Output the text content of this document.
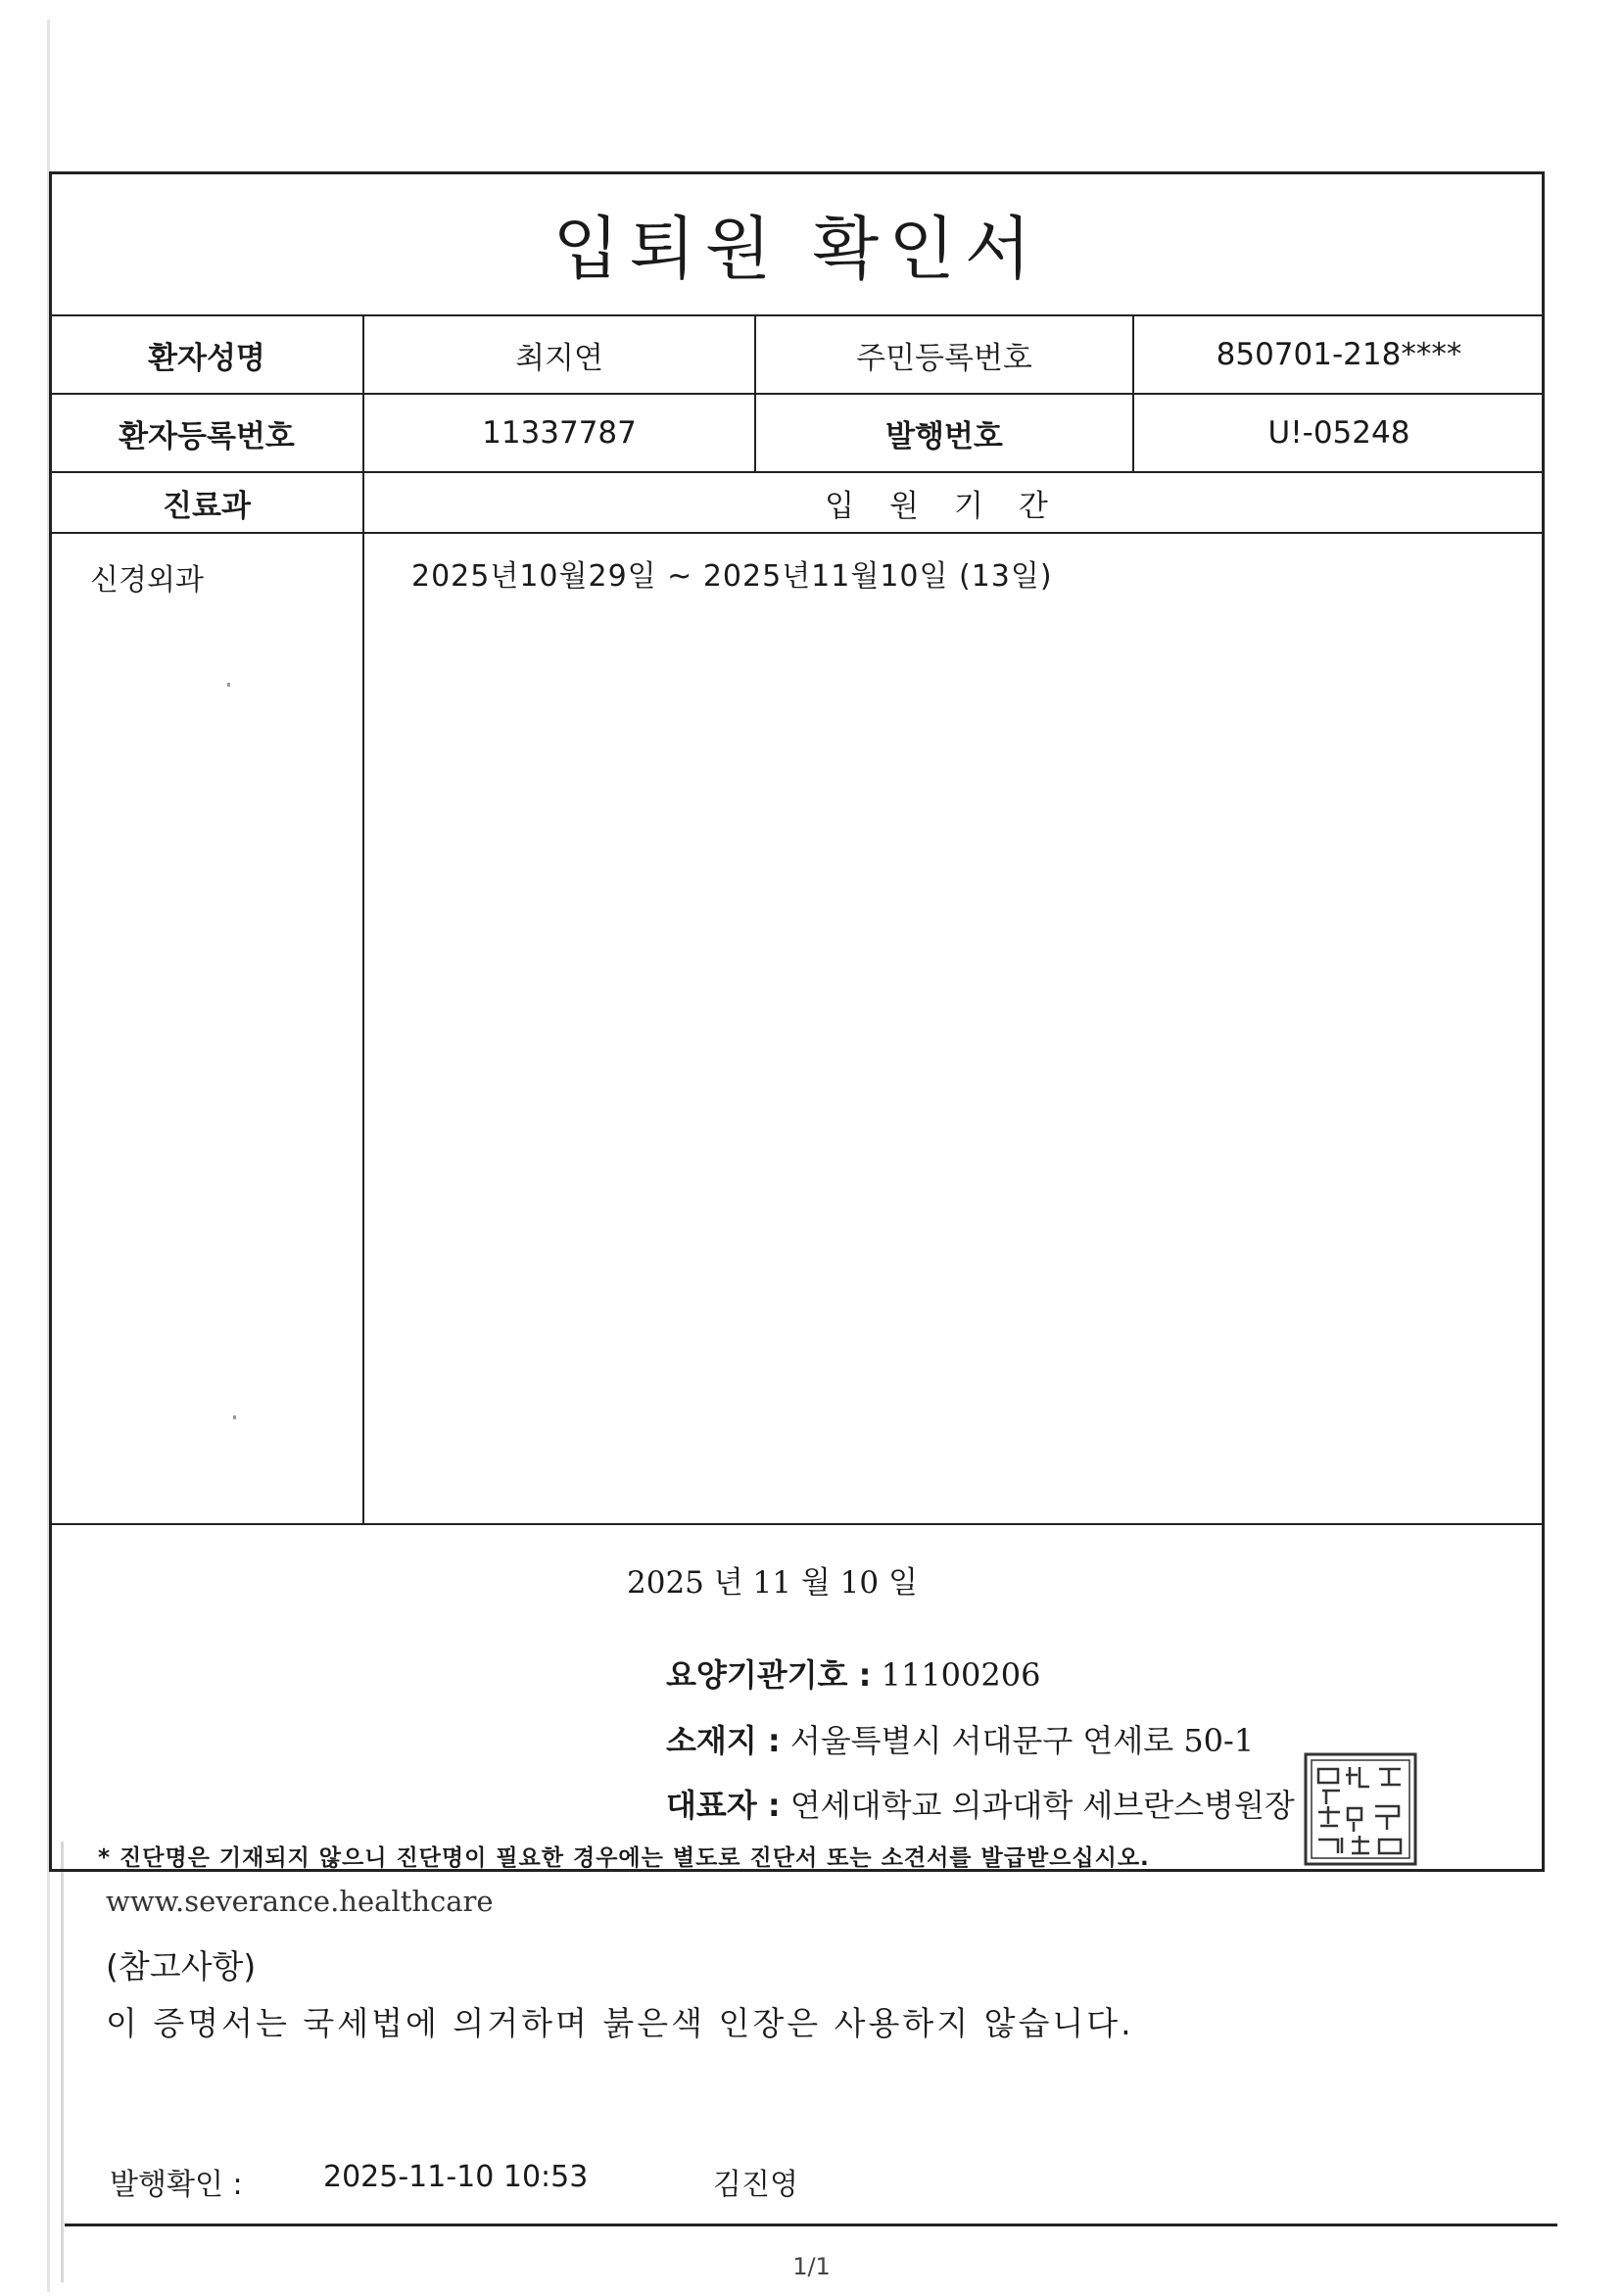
입퇴원 확인서
환자성명	최지연	주민등록번호	850701-218****
환자등록번호	11337787	발행번호	U!-05248
진료과	입원기간
신경외과	2025년10월29일 ~ 2025년11월10일 (13일)
2025 년 11 월 10 일
요양기관기호 : 11100206
소재지 : 서울특별시 서대문구 연세로 50-1
대표자 : 연세대학교 의과대학 세브란스병원장
* 진단명은 기재되지 않으니 진단명이 필요한 경우에는 별도로 진단서 또는 소견서를 발급받으십시오.
www.severance.healthcare
(참고사항)
이 증명서는 국세법에 의거하며 붉은색 인장은 사용하지 않습니다.
발행확인 :	2025-11-10 10:53	김진영
1/1
